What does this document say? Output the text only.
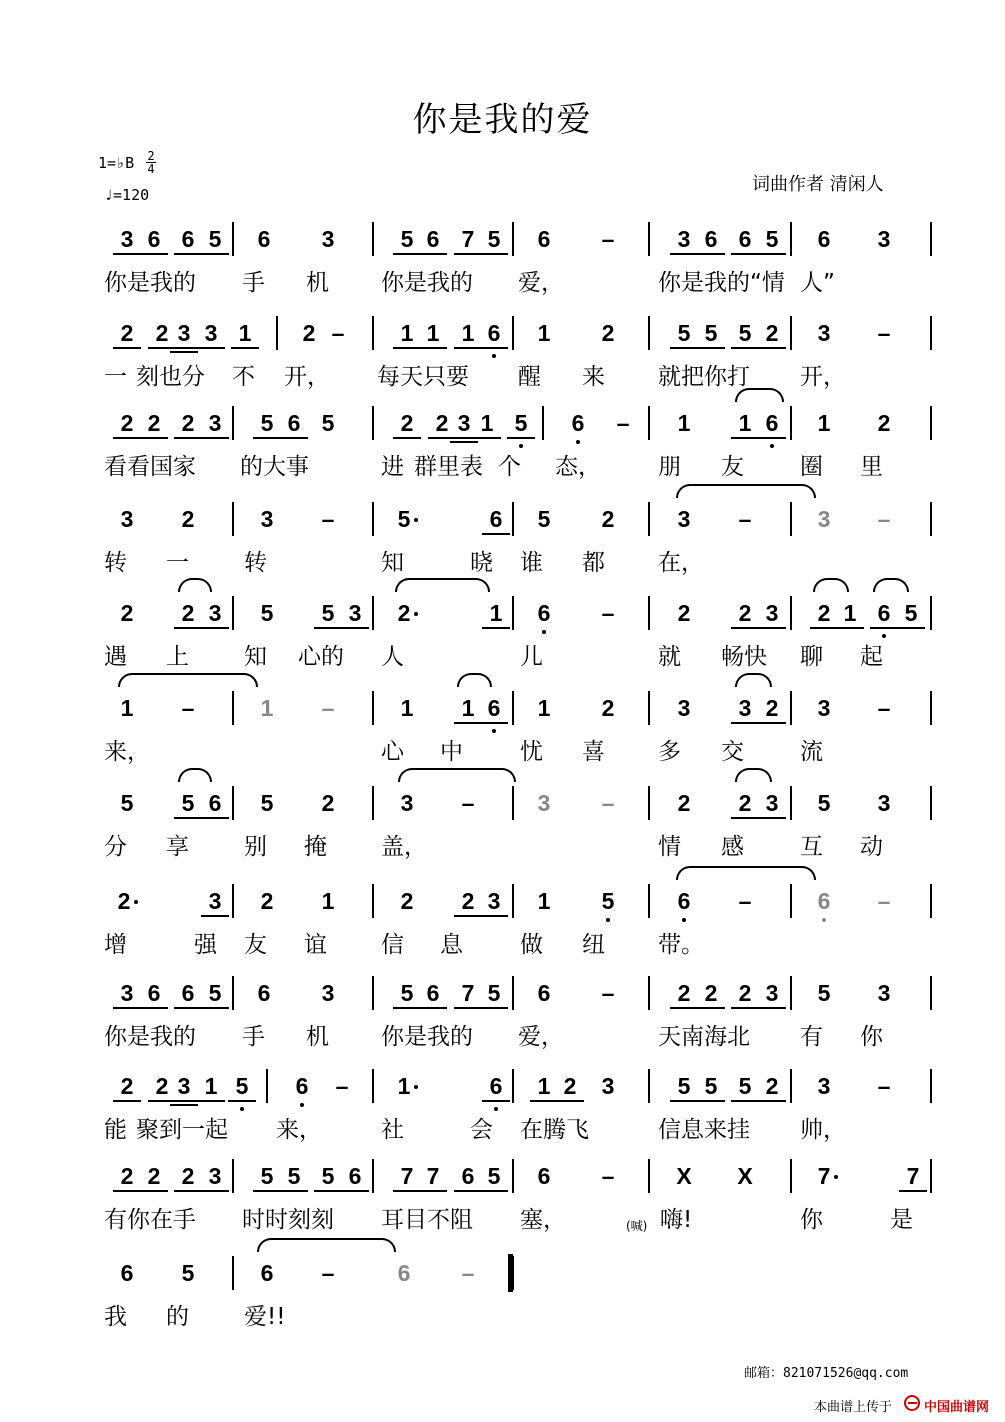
你是我的爱
1=♭B 2
4
♩=120	词曲作者 清闲人
3 6 6 5 6 3	5 6 7 5 6 –	3 6 6 5 6 3
你是我的 手 机 你是我的 爱，	你是我的“情 人”
2 2 3 3 1 2 – 1 1 1 6 1 2	5 5 5 2 3 –
一 刻也分 不 开， 每天只要 醒 来 就把你打 开，
2 2 2 3 5 6 5	2 2 3 1 5 6 – 1 1 6 1 2
看看国家 的大事	进 群里表 个 态， 朋 友 圈 里
3 2	3 –	5	6 5 2	3 –	3 –
转 一 转	知	晓 谁 都 在，
2 2 3 5 5 3 2	1 6 –	2 2 3 2 1 6 5
遇 上 知 心的 人	儿	就 畅快 聊 起
1 –	1 –	1 1 6 1 2	3 3 2 3 –
来，	心 中 忧 喜 多 交 流
5 5 6 5 2	3 –	3 –	2 2 3 5 3
分 享 别 掩 盖，	情 感 互 动
2	3 2 1	2 2 3 1 5	6 –	6 –
增	强 友 谊 信 息 做 纽 带。
3 6 6 5 6 3	5 6 7 5 6 –	2 2 2 3 5 3
你是我的 手 机 你是我的 爱，	天南海北 有 你
2 2 3 1 5 6 – 1	6 1 2 3	5 5 5 2 3 –
能 聚到一起 来，	社	会 在腾飞	信息来挂 帅，
2 2 2 3 5 5 5 6 7 7 6 5 6 –	X X	7	7
有你在手 时时刻刻 耳目不阻 塞，	(喊) 嗨!	你	是
6 5	6 –	6 –
我 的 爱!!
邮箱：821071526@qq.com
本曲谱上传于 中国曲谱网
